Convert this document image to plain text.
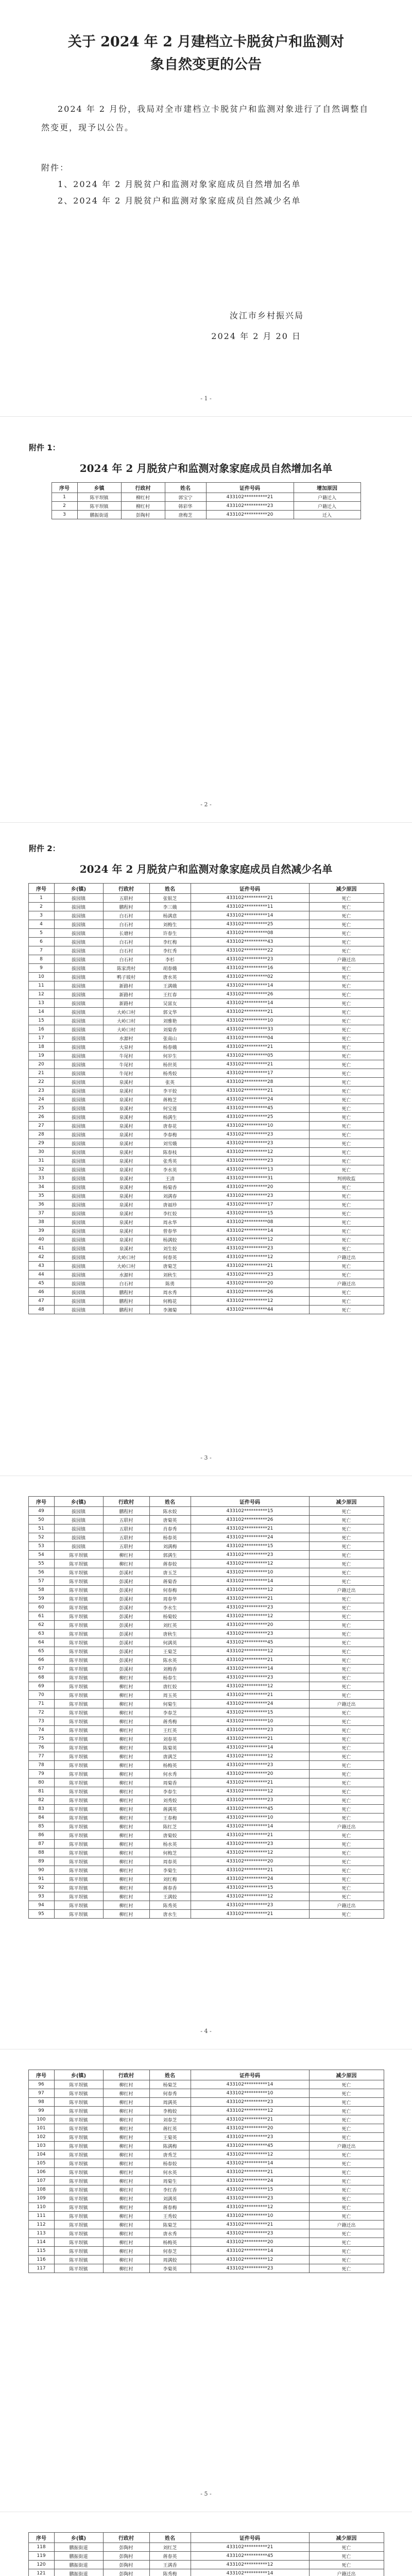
关于 2024 年 2 月建档立卡脱贫户和监测对
象自然变更的公告

2024 年 2 月份，我局对全市建档立卡脱贫户和监测对象进行了自然调整自然变更，现予以公告。

附件：
1、2024 年 2 月脱贫户和监测对象家庭成员自然增加名单
2、2024 年 2 月脱贫户和监测对象家庭成员自然减少名单
汝江市乡村振兴局
2024 年 2 月 20 日
- 1 -
附件 1：
2024 年 2 月脱贫户和监测对象家庭成员自然增加名单
序号	乡镇	行政村	姓名	证件号码	增加原因
1	陈平坝镇	柳红村	郭宝宁	433102**********21	户籍迁入
2	陈平坝镇	柳红村	韩彩华	433102**********23	户籍迁入
3	鹏振街道	彭陶村	唐梅芝	433102**********20	迁入
- 2 -
附件 2：
2024 年 2 月脱贫户和监测对象家庭成员自然减少名单
序号	乡(镇)	行政村	姓名	证件号码	减少原因
1	拔园镇	五联村	张银芝	433102**********21	死亡
2	拔园镇	鹏程村	李三娥	433102**********11	死亡
3	拔园镇	白石村	杨满意	433102**********14	死亡
4	拔园镇	白石村	刘梅生	433102**********25	死亡
5	拔园镇	长塘村	许春生	433102**********08	死亡
6	拔园镇	白石村	李红梅	433102**********43	死亡
7	拔园镇	白石村	李红秀	433102**********22	死亡
8	拔园镇	白石村	李杉	433102**********23	户籍迁出
9	拔园镇	陈家湾村	胡春娥	433102**********16	死亡
10	拔园镇	鸭子坡村	唐水英	433102**********02	死亡
11	拔园镇	新路村	王满娥	433102**********14	死亡
12	拔园镇	新路村	王红春	433102**********26	死亡
13	拔园镇	新路村	吴富友	433102**********14	死亡
14	拔园镇	大岭口村	郭文华	433102**********21	死亡
15	拔园镇	大岭口村	刘雅艳	433102**********10	死亡
16	拔园镇	大岭口村	刘菊香	433102**********33	死亡
17	拔园镇	水源村	张南山	433102**********04	死亡
18	拔园镇	大泉村	杨春娥	433102**********21	死亡
19	拔园镇	牛尾村	何岁生	433102**********05	死亡
20	拔园镇	牛尾村	杨世英	433102**********21	死亡
21	拔园镇	牛尾村	杨秀姣	433102**********17	死亡
22	拔园镇	泉溪村	张英	433102**********28	死亡
23	拔园镇	泉溪村	李平姣	433102**********21	死亡
24	拔园镇	泉溪村	蒋梅芝	433102**********24	死亡
25	拔园镇	泉溪村	何宝莲	433102**********45	死亡
26	拔园镇	泉溪村	杨满生	433102**********25	死亡
27	拔园镇	泉溪村	唐春花	433102**********10	死亡
28	拔园镇	泉溪村	李春梅	433102**********23	死亡
29	拔园镇	泉溪村	刘雪娥	433102**********23	死亡
30	拔园镇	泉溪村	陈春枝	433102**********12	死亡
31	拔园镇	泉溪村	张秀英	433102**********23	死亡
32	拔园镇	泉溪村	李水英	433102**********13	死亡
33	拔园镇	泉溪村	王清	433102**********31	判刑收监
34	拔园镇	泉溪村	杨菊香	433102**********20	死亡
35	拔园镇	泉溪村	刘满春	433102**********23	死亡
36	拔园镇	泉溪村	唐福珍	433102**********17	死亡
37	拔园镇	泉溪村	李红姣	433102**********15	死亡
38	拔园镇	泉溪村	周永华	433102**********08	死亡
39	拔园镇	泉溪村	曾春华	433102**********14	死亡
40	拔园镇	泉溪村	杨满姣	433102**********12	死亡
41	拔园镇	泉溪村	刘生姣	433102**********23	死亡
42	拔园镇	大岭口村	何春英	433102**********12	户籍迁出
43	拔园镇	大岭口村	唐菊芝	433102**********21	死亡
44	拔园镇	水源村	刘秋生	433102**********23	死亡
45	拔园镇	白石村	陈勇	433102**********20	户籍迁出
46	拔园镇	鹏程村	周水秀	433102**********26	死亡
47	拔园镇	鹏程村	何梅花	433102**********12	死亡
48	拔园镇	鹏程村	李湘菊	433102**********44	死亡
- 3 -
序号	乡(镇)	行政村	姓名	证件号码	减少原因
49	拔园镇	鹏程村	陈水姣	433102**********15	死亡
50	拔园镇	五联村	唐菊英	433102**********26	死亡
51	拔园镇	五联村	肖春秀	433102**********21	死亡
52	拔园镇	五联村	杨春英	433102**********24	死亡
53	拔园镇	五联村	刘满梅	433102**********15	死亡
54	陈平坝镇	柳红村	郭满生	433102**********23	死亡
55	陈平坝镇	柳红村	蒋春姣	433102**********12	死亡
56	陈平坝镇	彭溪村	唐玉芝	433102**********10	死亡
57	陈平坝镇	彭溪村	蒋菊香	433102**********14	死亡
58	陈平坝镇	彭溪村	何春梅	433102**********12	户籍迁出
59	陈平坝镇	彭溪村	周春华	433102**********21	死亡
60	陈平坝镇	彭溪村	李水生	433102**********23	死亡
61	陈平坝镇	彭溪村	杨菊姣	433102**********12	死亡
62	陈平坝镇	彭溪村	刘红英	433102**********20	死亡
63	陈平坝镇	彭溪村	唐秋生	433102**********23	死亡
64	陈平坝镇	彭溪村	何满英	433102**********45	死亡
65	陈平坝镇	彭溪村	王菊芝	433102**********12	死亡
66	陈平坝镇	彭溪村	陈水英	433102**********21	死亡
67	陈平坝镇	彭溪村	刘梅香	433102**********14	死亡
68	陈平坝镇	柳红村	杨春生	433102**********23	死亡
69	陈平坝镇	柳红村	唐红姣	433102**********12	死亡
70	陈平坝镇	柳红村	周玉英	433102**********21	死亡
71	陈平坝镇	柳红村	何菊生	433102**********24	户籍迁出
72	陈平坝镇	柳红村	李春芝	433102**********15	死亡
73	陈平坝镇	柳红村	蒋秀梅	433102**********10	死亡
74	陈平坝镇	柳红村	王红英	433102**********23	死亡
75	陈平坝镇	柳红村	刘春英	433102**********21	死亡
76	陈平坝镇	柳红村	陈菊英	433102**********14	死亡
77	陈平坝镇	柳红村	唐满芝	433102**********12	死亡
78	陈平坝镇	柳红村	杨梅英	433102**********23	死亡
79	陈平坝镇	柳红村	何水秀	433102**********20	死亡
80	陈平坝镇	柳红村	周菊香	433102**********21	死亡
81	陈平坝镇	柳红村	李春生	433102**********12	死亡
82	陈平坝镇	柳红村	刘秀姣	433102**********23	死亡
83	陈平坝镇	柳红村	蒋满英	433102**********45	死亡
84	陈平坝镇	柳红村	王春梅	433102**********10	死亡
85	陈平坝镇	柳红村	陈红芝	433102**********14	户籍迁出
86	陈平坝镇	柳红村	唐菊姣	433102**********21	死亡
87	陈平坝镇	柳红村	杨水英	433102**********23	死亡
88	陈平坝镇	柳红村	何梅芝	433102**********12	死亡
89	陈平坝镇	柳红村	周春英	433102**********20	死亡
90	陈平坝镇	柳红村	李菊生	433102**********21	死亡
91	陈平坝镇	柳红村	刘红梅	433102**********24	死亡
92	陈平坝镇	柳红村	蒋春香	433102**********15	死亡
93	陈平坝镇	柳红村	王满姣	433102**********12	死亡
94	陈平坝镇	柳红村	陈秀英	433102**********23	户籍迁出
95	陈平坝镇	柳红村	唐水生	433102**********21	死亡
- 4 -
序号	乡(镇)	行政村	姓名	证件号码	减少原因
96	陈平坝镇	柳红村	杨菊芝	433102**********14	死亡
97	陈平坝镇	柳红村	何春秀	433102**********10	死亡
98	陈平坝镇	柳红村	周满英	433102**********23	死亡
99	陈平坝镇	柳红村	李梅姣	433102**********12	死亡
100	陈平坝镇	柳红村	刘春芝	433102**********21	死亡
101	陈平坝镇	柳红村	蒋红英	433102**********20	死亡
102	陈平坝镇	柳红村	王菊英	433102**********23	死亡
103	陈平坝镇	柳红村	陈满梅	433102**********45	户籍迁出
104	陈平坝镇	柳红村	唐秀芝	433102**********12	死亡
105	陈平坝镇	柳红村	杨春姣	433102**********14	死亡
106	陈平坝镇	柳红村	何水英	433102**********21	死亡
107	陈平坝镇	柳红村	周菊生	433102**********24	死亡
108	陈平坝镇	柳红村	李红香	433102**********15	死亡
109	陈平坝镇	柳红村	刘满英	433102**********23	死亡
110	陈平坝镇	柳红村	蒋春梅	433102**********12	死亡
111	陈平坝镇	柳红村	王秀姣	433102**********10	死亡
112	陈平坝镇	柳红村	陈菊芝	433102**********21	户籍迁出
113	陈平坝镇	柳红村	唐水秀	433102**********23	死亡
114	陈平坝镇	柳红村	杨梅英	433102**********20	死亡
115	陈平坝镇	柳红村	何春芝	433102**********14	死亡
116	陈平坝镇	柳红村	周满姣	433102**********12	死亡
117	陈平坝镇	柳红村	李菊英	433102**********23	死亡
- 5 -
序号	乡(镇)	行政村	姓名	证件号码	减少原因
118	鹏振街道	彭陶村	刘红芝	433102**********21	死亡
119	鹏振街道	彭陶村	蒋春英	433102**********45	死亡
120	鹏振街道	彭陶村	王满香	433102**********12	死亡
121	鹏振街道	彭陶村	陈秀梅	433102**********14	户籍迁出
